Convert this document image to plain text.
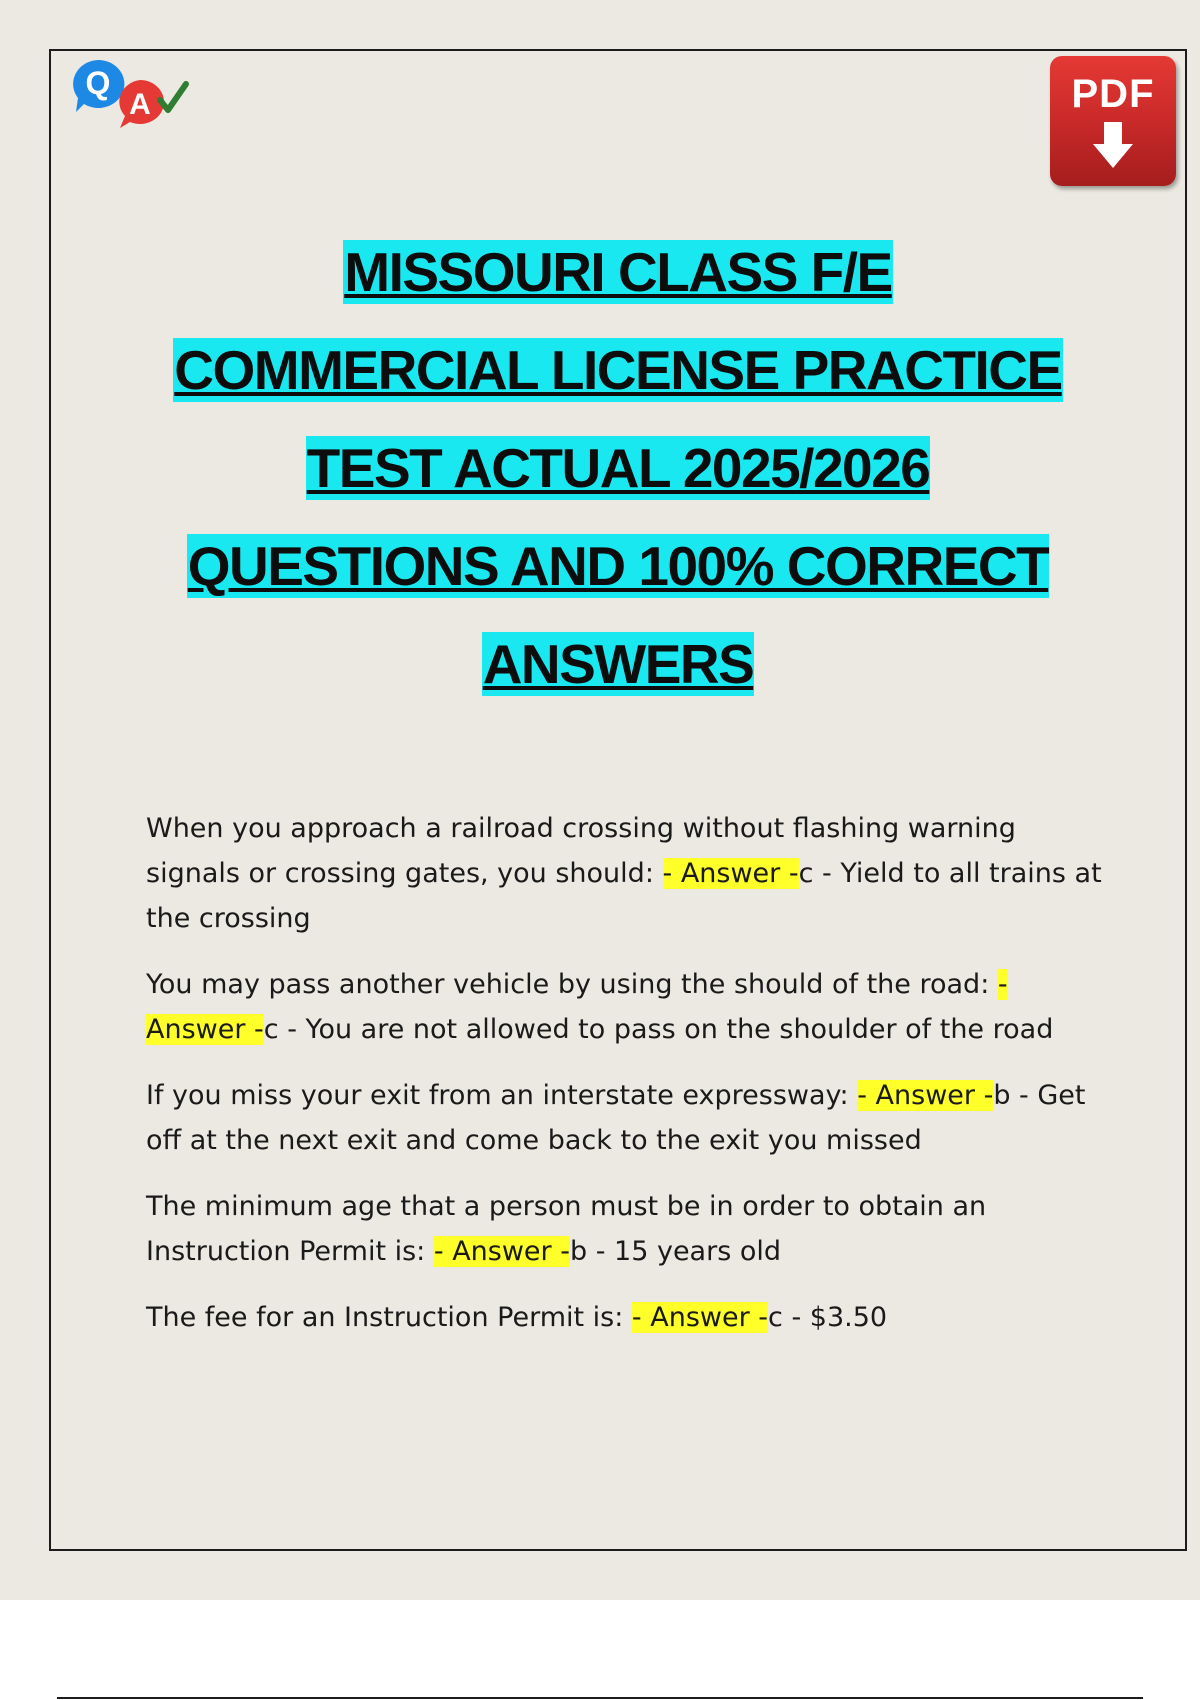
Q
A	PDF
MISSOURI CLASS F/E
COMMERCIAL LICENSE PRACTICE
TEST ACTUAL 2025/2026
QUESTIONS AND 100% CORRECT
ANSWERS

When you approach a railroad crossing without flashing warning signals or crossing gates, you should: - Answer -c - Yield to all trains at the crossing

You may pass another vehicle by using the should of the road: - Answer -c - You are not allowed to pass on the shoulder of the road

If you miss your exit from an interstate expressway: - Answer -b - Get off at the next exit and come back to the exit you missed

The minimum age that a person must be in order to obtain an Instruction Permit is: - Answer -b - 15 years old

The fee for an Instruction Permit is: - Answer -c - $3.50
